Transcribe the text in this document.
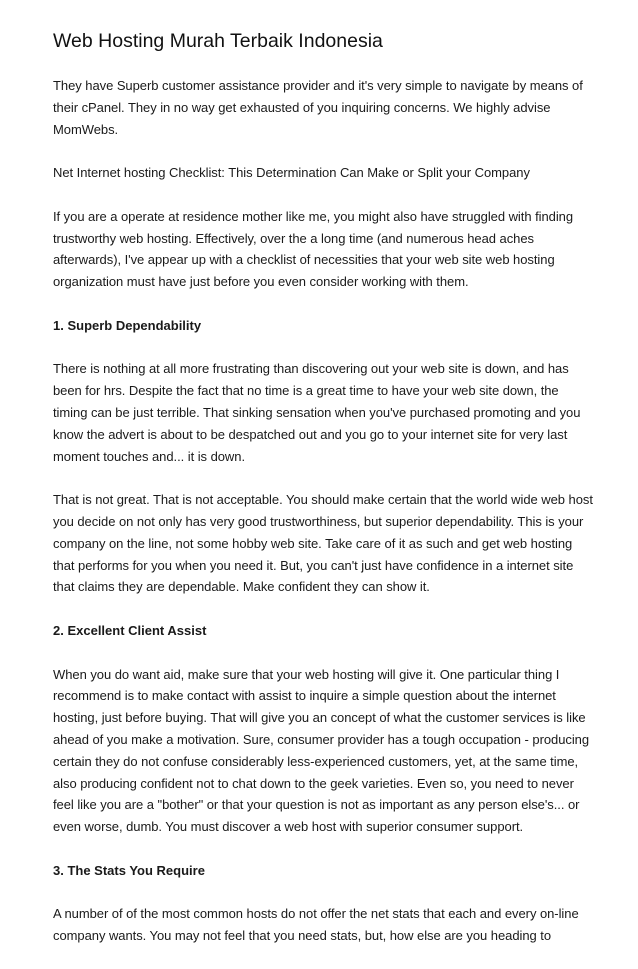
Web Hosting Murah Terbaik Indonesia

They have Superb customer assistance provider and it's very simple to navigate by means of their cPanel. They in no way get exhausted of you inquiring concerns. We highly advise MomWebs.

Net Internet hosting Checklist: This Determination Can Make or Split your Company

If you are a operate at residence mother like me, you might also have struggled with finding trustworthy web hosting. Effectively, over the a long time (and numerous head aches afterwards), I've appear up with a checklist of necessities that your web site web hosting organization must have just before you even consider working with them.

1. Superb Dependability

There is nothing at all more frustrating than discovering out your web site is down, and has been for hrs. Despite the fact that no time is a great time to have your web site down, the timing can be just terrible. That sinking sensation when you've purchased promoting and you know the advert is about to be despatched out and you go to your internet site for very last moment touches and... it is down.

That is not great. That is not acceptable. You should make certain that the world wide web host you decide on not only has very good trustworthiness, but superior dependability. This is your company on the line, not some hobby web site. Take care of it as such and get web hosting that performs for you when you need it. But, you can't just have confidence in a internet site that claims they are dependable. Make confident they can show it.

2. Excellent Client Assist

When you do want aid, make sure that your web hosting will give it. One particular thing I recommend is to make contact with assist to inquire a simple question about the internet hosting, just before buying. That will give you an concept of what the customer services is like ahead of you make a motivation. Sure, consumer provider has a tough occupation - producing certain they do not confuse considerably less-experienced customers, yet, at the same time, also producing confident not to chat down to the geek varieties. Even so, you need to never feel like you are a "bother" or that your question is not as important as any person else's... or even worse, dumb. You must discover a web host with superior consumer support.

3. The Stats You Require

A number of of the most common hosts do not offer the net stats that each and every on-line company wants. You may not feel that you need stats, but, how else are you heading to
